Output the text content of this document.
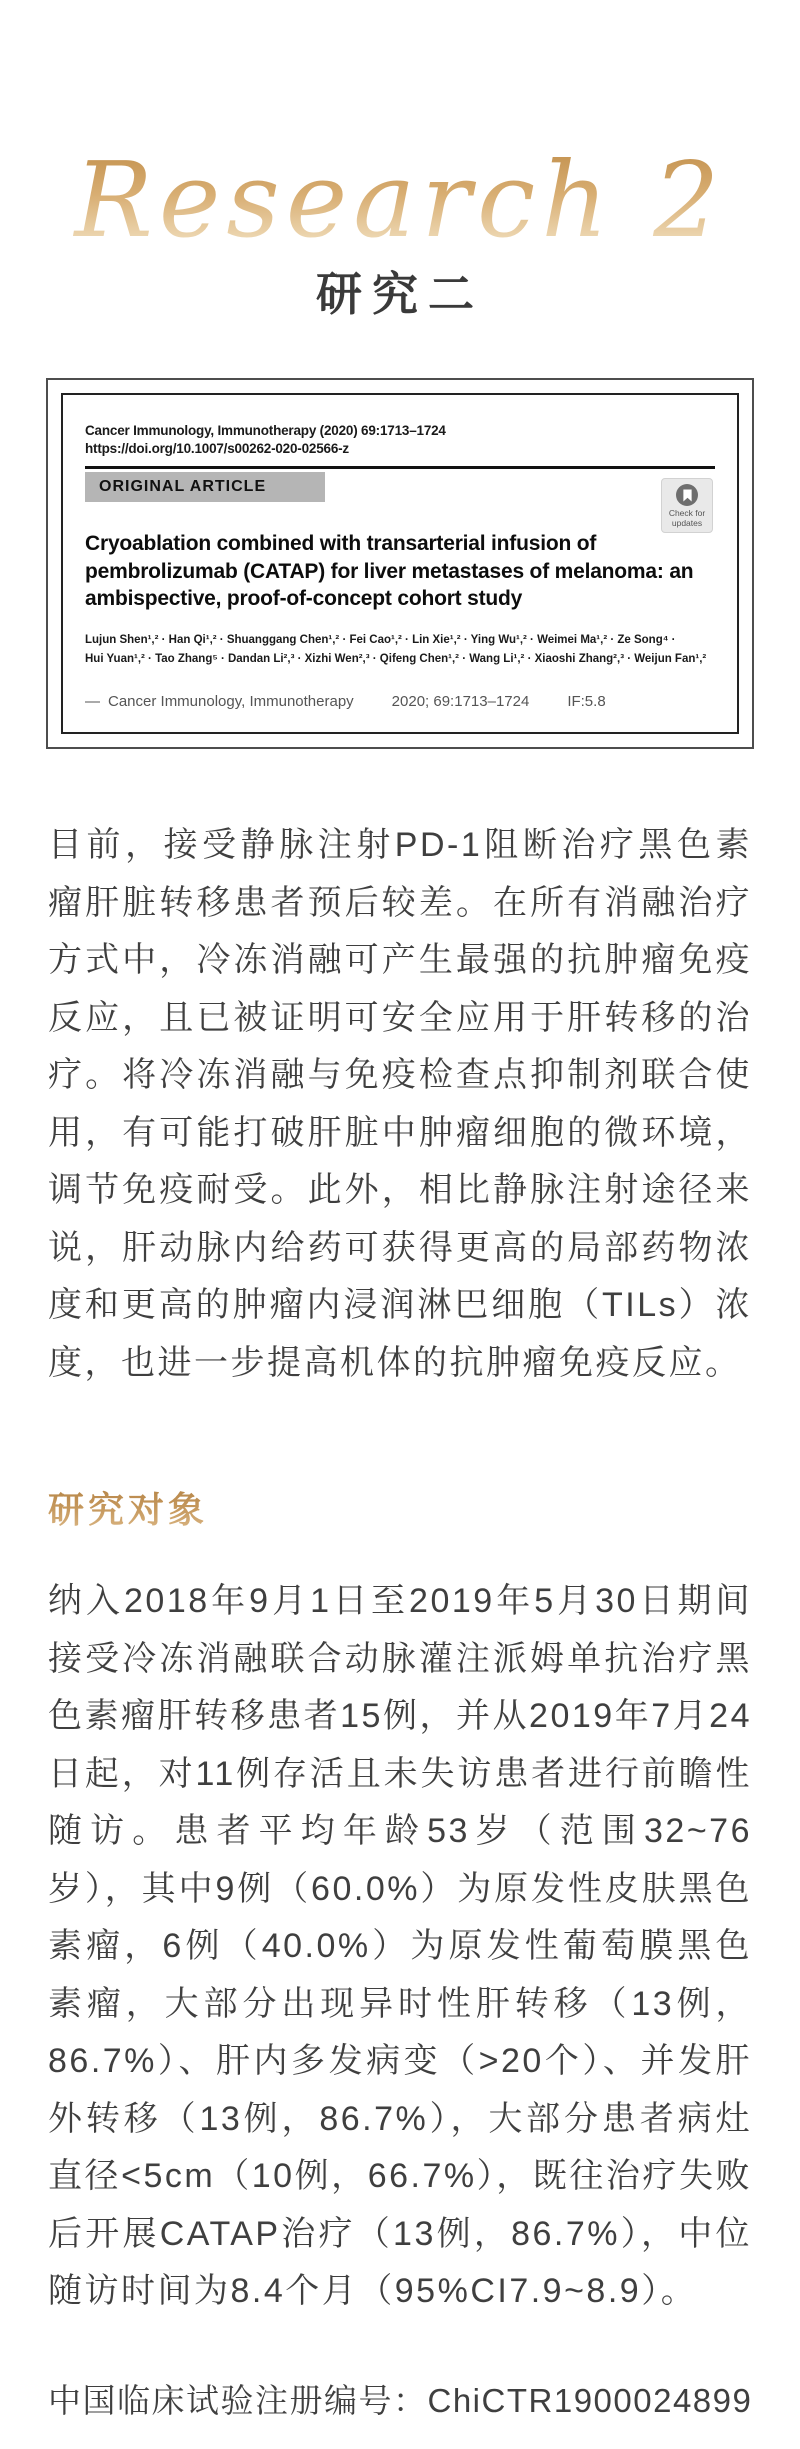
Research 2
研究二
Cancer Immunology, Immunotherapy (2020) 69:1713–1724
https://doi.org/10.1007/s00262-020-02566-z
ORIGINAL ARTICLE
Check for updates
Cryoablation combined with transarterial infusion of pembrolizumab (CATAP) for liver metastases of melanoma: an ambispective, proof-of-concept cohort study
Lujun Shen¹,² · Han Qi¹,² · Shuanggang Chen¹,² · Fei Cao¹,² · Lin Xie¹,² · Ying Wu¹,² · Weimei Ma¹,² · Ze Song⁴ ·
Hui Yuan¹,² · Tao Zhang⁵ · Dandan Li²,³ · Xizhi Wen²,³ · Qifeng Chen¹,² · Wang Li¹,² · Xiaoshi Zhang²,³ · Weijun Fan¹,²
— Cancer Immunology, Immunotherapy	2020; 69:1713–1724	IF:5.8

目前，接受静脉注射PD-1阻断治疗黑色素瘤肝脏转移患者预后较差。在所有消融治疗方式中，冷冻消融可产生最强的抗肿瘤免疫反应，且已被证明可安全应用于肝转移的治疗。将冷冻消融与免疫检查点抑制剂联合使用，有可能打破肝脏中肿瘤细胞的微环境，调节免疫耐受。此外，相比静脉注射途径来说，肝动脉内给药可获得更高的局部药物浓度和更高的肿瘤内浸润淋巴细胞（TILs）浓度，也进一步提高机体的抗肿瘤免疫反应。

研究对象

纳入2018年9月1日至2019年5月30日期间接受冷冻消融联合动脉灌注派姆单抗治疗黑色素瘤肝转移患者15例，并从2019年7月24日起，对11例存活且未失访患者进行前瞻性随访。患者平均年龄53岁（范围32~76岁），其中9例（60.0%）为原发性皮肤黑色素瘤，6例（40.0%）为原发性葡萄膜黑色素瘤，大部分出现异时性肝转移（13例，86.7%）、肝内多发病变（>20个）、并发肝外转移（13例，86.7%），大部分患者病灶直径<5cm（10例，66.7%），既往治疗失败后开展CATAP治疗（13例，86.7%），中位随访时间为8.4个月（95%CI7.9~8.9）。

中国临床试验注册编号：ChiCTR1900024899
